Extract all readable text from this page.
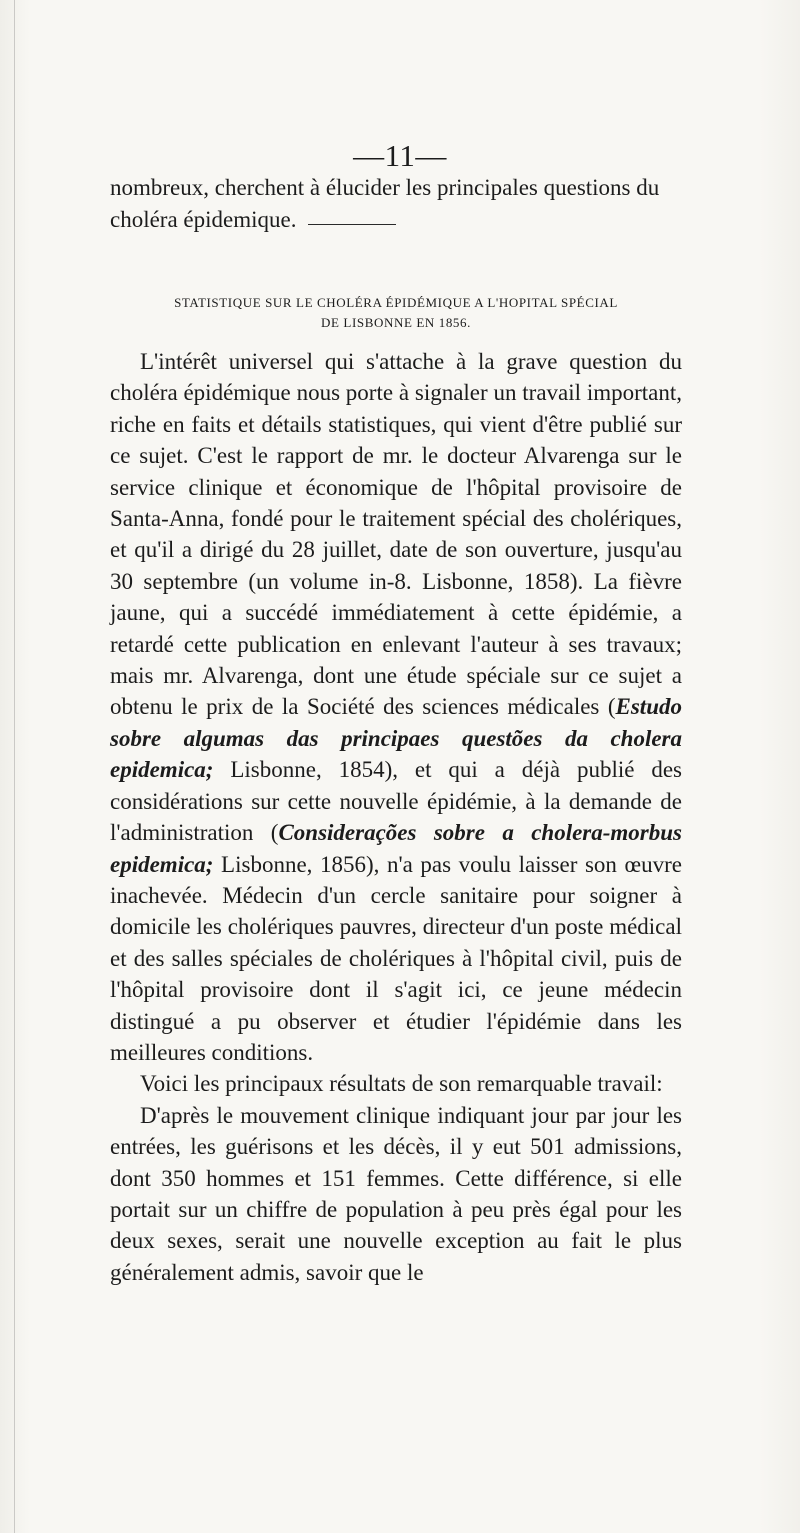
—11—
nombreux, cherchent à élucider les principales questions du
choléra épidemique.
STATISTIQUE SUR LE CHOLÉRA ÉPIDÉMIQUE A L'HOPITAL SPÉCIAL
DE LISBONNE EN 1856.

L'intérêt universel qui s'attache à la grave question du choléra épidémique nous porte à signaler un travail important, riche en faits et détails statistiques, qui vient d'être publié sur ce sujet. C'est le rapport de mr. le docteur Alvarenga sur le service clinique et économique de l'hôpital provisoire de Santa-Anna, fondé pour le traitement spécial des cholériques, et qu'il a dirigé du 28 juillet, date de son ouverture, jusqu'au 30 septembre (un volume in-8. Lisbonne, 1858). La fièvre jaune, qui a succédé immédiatement à cette épidémie, a retardé cette publication en enlevant l'auteur à ses travaux; mais mr. Alvarenga, dont une étude spéciale sur ce sujet a obtenu le prix de la Société des sciences médicales (Estudo sobre algumas das principaes questões da cholera epidemica; Lisbonne, 1854), et qui a déjà publié des considérations sur cette nouvelle épidémie, à la demande de l'administration (Considerações sobre a cholera-morbus epidemica; Lisbonne, 1856), n'a pas voulu laisser son œuvre inachevée. Médecin d'un cercle sanitaire pour soigner à domicile les cholériques pauvres, directeur d'un poste médical et des salles spéciales de cholériques à l'hôpital civil, puis de l'hôpital provisoire dont il s'agit ici, ce jeune médecin distingué a pu observer et étudier l'épidémie dans les meilleures conditions.

Voici les principaux résultats de son remarquable travail:

D'après le mouvement clinique indiquant jour par jour les entrées, les guérisons et les décès, il y eut 501 admissions, dont 350 hommes et 151 femmes. Cette différence, si elle portait sur un chiffre de population à peu près égal pour les deux sexes, serait une nouvelle exception au fait le plus généralement admis, savoir que le
